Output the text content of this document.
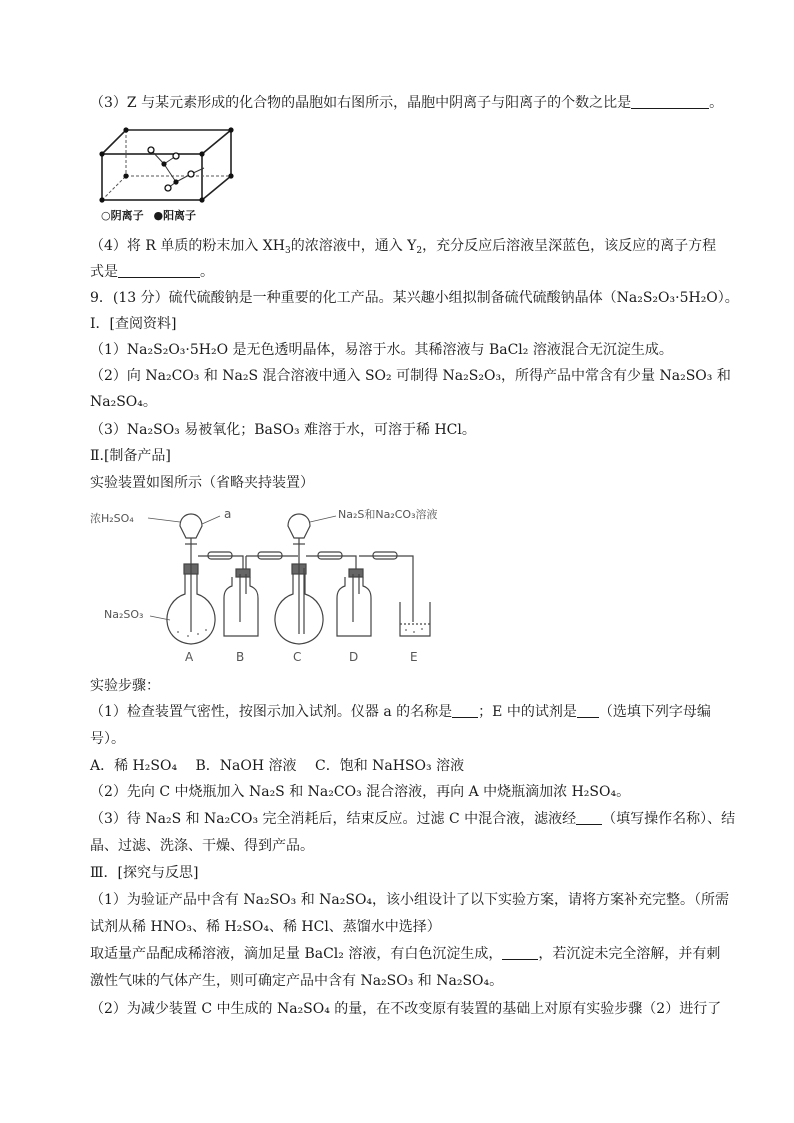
（3）Z 与某元素形成的化合物的晶胞如右图所示，晶胞中阴离子与阳离子的个数之比是	。
○阴离子 ●阳离子
（4）将 R 单质的粉末加入 $XH_3$的浓溶液中，通入 $Y_2$，充分反应后溶液呈深蓝色，该反应的离子方程
式是	。
9．(13 分）硫代硫酸钠是一种重要的化工产品。某兴趣小组拟制备硫代硫酸钠晶体（Na₂S₂O₃·5H₂O）。
I．[查阅资料]
（1）Na₂S₂O₃·5H₂O 是无色透明晶体，易溶于水。其稀溶液与 BaCl₂ 溶液混合无沉淀生成。
（2）向 Na₂CO₃ 和 Na₂S 混合溶液中通入 SO₂ 可制得 Na₂S₂O₃，所得产品中常含有少量 Na₂SO₃ 和
Na₂SO₄。
（3）Na₂SO₃ 易被氧化；BaSO₃ 难溶于水，可溶于稀 HCl。
Ⅱ.[制备产品]
实验装置如图所示（省略夹持装置）
浓H₂SO₄	a	Na₂S和Na₂CO₃溶液
Na₂SO₃
A	B	C	D	E
实验步骤：
（1）检查装置气密性，按图示加入试剂。仪器 a 的名称是 ；E 中的试剂是 （选填下列字母编
号）。
A．稀 H₂SO₄　 B．NaOH 溶液　 C．饱和 NaHSO₃ 溶液
（2）先向 C 中烧瓶加入 Na₂S 和 Na₂CO₃ 混合溶液，再向 A 中烧瓶滴加浓 H₂SO₄。
（3）待 Na₂S 和 Na₂CO₃ 完全消耗后，结束反应。过滤 C 中混合液，滤液经 （填写操作名称）、结
晶、过滤、洗涤、干燥、得到产品。
Ⅲ．[探究与反思]
（1）为验证产品中含有 Na₂SO₃ 和 Na₂SO₄，该小组设计了以下实验方案，请将方案补充完整。（所需
试剂从稀 HNO₃、稀 H₂SO₄、稀 HCl、蒸馏水中选择）
取适量产品配成稀溶液，滴加足量 BaCl₂ 溶液，有白色沉淀生成，	，若沉淀未完全溶解，并有刺
激性气味的气体产生，则可确定产品中含有 Na₂SO₃ 和 Na₂SO₄。
（2）为减少装置 C 中生成的 Na₂SO₄ 的量，在不改变原有装置的基础上对原有实验步骤（2）进行了
